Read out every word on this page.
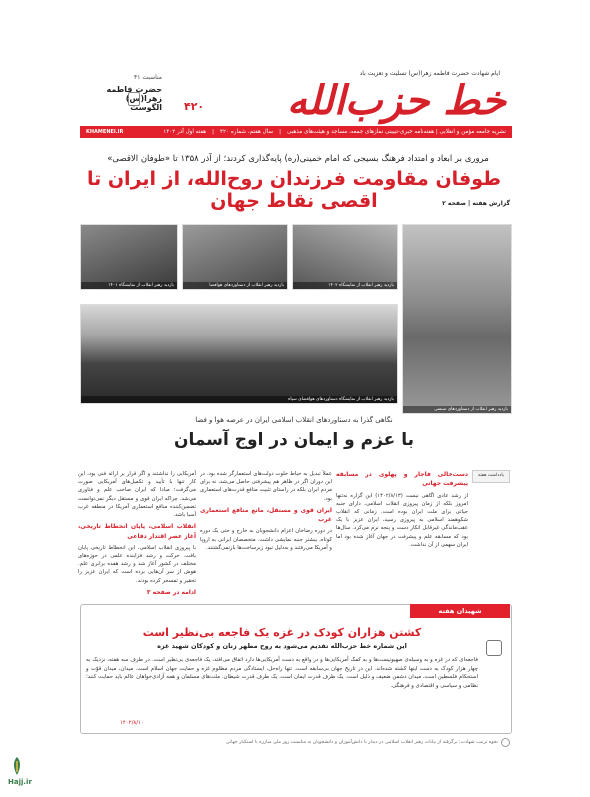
ایام شهادت حضرت فاطمه زهرا(س) تسلیت و تعزیت باد
خط حزب‌الله
۴۲۰
مناسبت ۴۱
حضرت فاطمه زهرا(س)
الگوست
نشریه جامعه مؤمن و انقلابی | هفته‌نامه خبری-تبیینی نمازهای جمعه، مساجد و هیئت‌های مذهبی
|
سال هفتم، شماره ۴۲۰
|
هفته اول آذر ۱۴۰۲
KHAMENEI.IR
مروری بر ابعاد و امتداد فرهنگ بسیجی که امام خمینی(ره) پایه‌گذاری کردند؛ از آذر ۱۳۵۸ تا «طوفان الاقصی»
طوفان مقاومت فرزندان روح‌الله، از ایران تا اقصی نقاط جهان	گزارش هفته | صفحه ۲
بازدید رهبر انقلاب از نمایشگاه ۱۴۰۱	بازدید رهبر انقلاب از دستاوردهای هوافضا	بازدید رهبر انقلاب از نمایشگاه ۱۴۰۲
بازدید رهبر انقلاب از دستاوردهای صنعتی
بازدید رهبر انقلاب از نمایشگاه دستاوردهای هوافضای سپاه
نگاهی گذرا به دستاوردهای انقلاب اسلامی ایران در عرصه هوا و فضا
با عزم و ایمان در اوج آسمان
یادداشت هفته

دست‌خالی فاجار و پهلوی در مسابقه پیشرفت جهانی

از رشد عادی اگاهی نیست (۱۴۰۲/۸/۱۳) این گزاره نه‌تنها امروز بلکه از زمان پیروزی انقلاب اسلامی، دارای جنبه حیاتی برای ملت ایران بوده است. زمانی که انقلاب شکوهمند اسلامی به پیروزی رسید، ایران عزیز با یک عقب‌ماندگی غیرقابل انکار دست و پنجه نرم می‌کرد. سال‌ها بود که مسابقه علم و پیشرفت در جهان آغاز شده بود اما ایران سهمی از آن نداشت.

عملاً تبدیل به حیاط خلوت دولت‌های استعمارگر شده بود. در این دوران اگر در ظاهر هم پیشرفتی حاصل می‌شد، نه برای مردم ایران بلکه در راستای تثبیت منافع قدرت‌های استعماری بود.

ایران قوی و مستقل، مانع منافع استعماری غرب

در دوره رضاخان اعزام دانشجویان به خارج و حتی یک دوره کوتاه، بیشتر جنبه نمایشی داشت. متخصصان ایرانی به اروپا و آمریکا می‌رفتند و به‌دلیل نبود زیرساخت‌ها بازنمی‌گشتند.

آمریکایی را نداشتند و اگر قرار بر ارائه فنی بود، این کار تنها با تأیید و تکمیل‌های آمریکایی صورت می‌گرفت؛ مبادا که ایران صاحب علم و فناوری می‌شد. چراکه ایران قوی و مستقل دیگر نمی‌توانست تضمین‌کننده منافع استعماری آمریکا در منطقه غرب آسیا باشد.

انقلاب اسلامی، پایان انحطاط تاریخی، آغاز عصر اقتدار دفاعی

با پیروزی انقلاب اسلامی، این انحطاط تاریخی پایان یافت. حرکت و رشد فزاینده علمی در حوزه‌های مختلف در کشور آغاز شد و رشد هفده برابری علم. هوش از سر آن‌هایی برده است که ایران عزیز را تحقیر و تمسخر کرده بودند.

ادامه در صفحه ۳

شهیدان هفته
کشتن هزاران کودک در غزه یک فاجعه بی‌نظیر است
این شماره خط حزب‌الله تقدیم می‌شود به روح مطهر زنان و کودکان شهید غزه
فاجعه‌ای که در غزه و به وسیله‌ی صهیونیست‌ها و به کمک آمریکایی‌ها و در واقع به دست آمریکایی‌ها دارد اتفاق می‌افتد، یک فاجعه‌ی بی‌نظیر است. در طرف سه هفته، نزدیک به چهار هزار کودک به دست اینها کشته شده‌اند. این در تاریخ جهان بی‌سابقه است. تنها راه‌حل، ایستادگی مردم مظلوم غزه و حمایت جهان اسلام است. میدان، میدان قوّت و استحکام فلسطین است، میدان دشمن ضعیف و ذلیل است. یک طرف قدرت ایمان است، یک طرف قدرت شیطان. ملت‌های مسلمان و همه آزادی‌خواهان عالم باید حمایت کنند؛ نظامی و سیاسی و اقتصادی و فرهنگی.
۱۴۰۲/۸/۱۰
نحوه ترتیب شهادت: برگرفته از بیانات رهبر انقلاب اسلامی در دیدار با دانش‌آموزان و دانشجویان به مناسبت روز ملی مبارزه با استکبار جهانی
Hajj.ir
